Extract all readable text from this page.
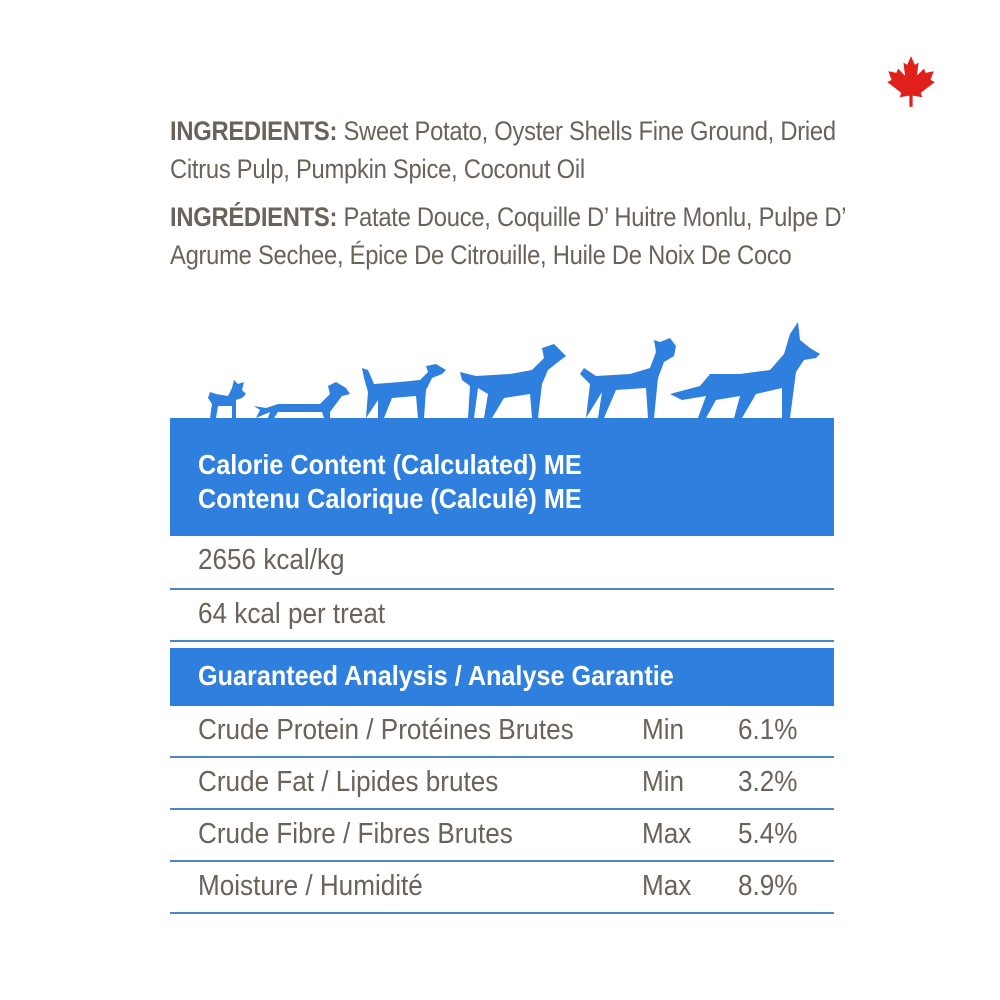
INGREDIENTS: Sweet Potato, Oyster Shells Fine Ground, Dried Citrus Pulp, Pumpkin Spice, Coconut Oil

INGRÉDIENTS: Patate Douce, Coquille D’ Huitre Monlu, Pulpe D’ Agrume Sechee, Épice De Citrouille, Huile De Noix De Coco

Calorie Content (Calculated) ME
Contenu Calorique (Calculé) ME
2656 kcal/kg
64 kcal per treat
Guaranteed Analysis / Analyse Garantie
Crude Protein / Protéines Brutes Min 6.1%
Crude Fat / Lipides brutes	Min 3.2%
Crude Fibre / Fibres Brutes	Max 5.4%
Moisture / Humidité	Max 8.9%
